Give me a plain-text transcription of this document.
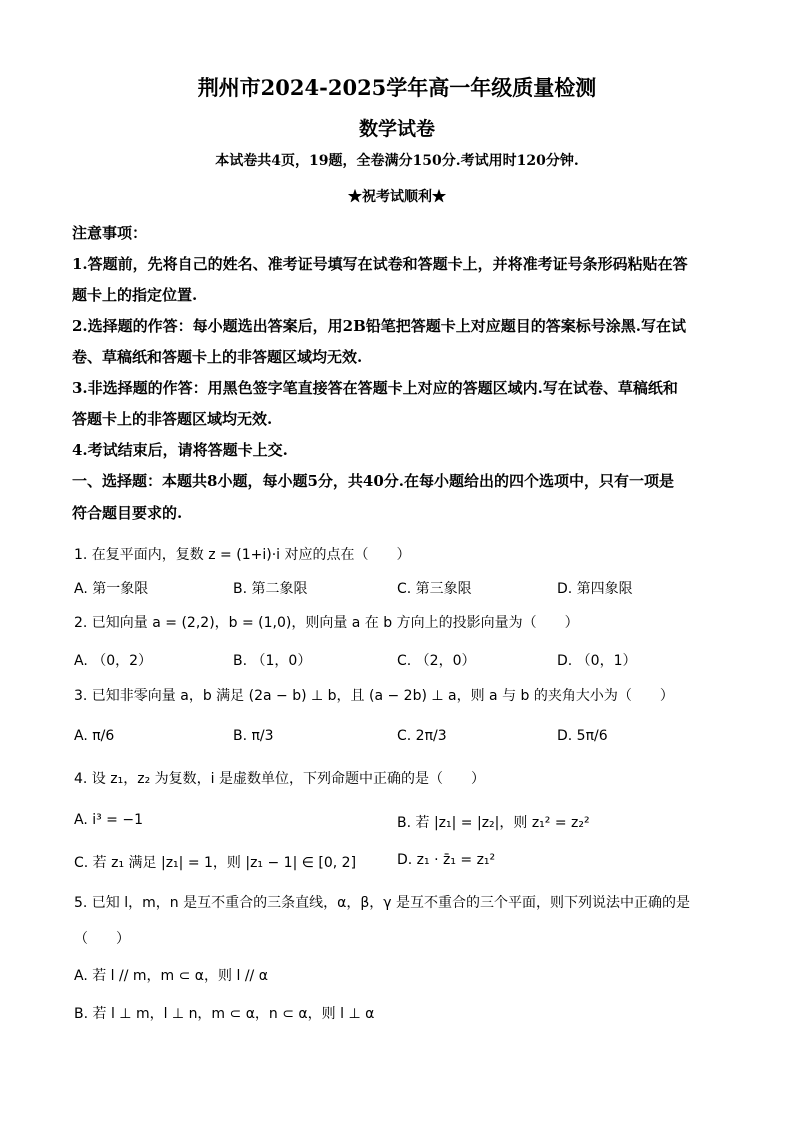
荆州市2024-2025学年高一年级质量检测
数学试卷
本试卷共4页，19题，全卷满分150分.考试用时120分钟.
★祝考试顺利★
注意事项：
1.答题前，先将自己的姓名、准考证号填写在试卷和答题卡上，并将准考证号条形码粘贴在答
题卡上的指定位置.
2.选择题的作答：每小题选出答案后，用2B铅笔把答题卡上对应题目的答案标号涂黑.写在试
卷、草稿纸和答题卡上的非答题区域均无效.
3.非选择题的作答：用黑色签字笔直接答在答题卡上对应的答题区域内.写在试卷、草稿纸和
答题卡上的非答题区域均无效.
4.考试结束后，请将答题卡上交.
一、选择题：本题共8小题，每小题5分，共40分.在每小题给出的四个选项中，只有一项是
符合题目要求的.
1. 在复平面内，复数 z = (1+i)·i 对应的点在（　　）
A. 第一象限	B. 第二象限	C. 第三象限	D. 第四象限
2. 已知向量 a = (2,2)，b = (1,0)，则向量 a 在 b 方向上的投影向量为（　　）
A. （0，2）	B. （1，0）	C. （2，0）	D. （0，1）
3. 已知非零向量 a，b 满足 (2a − b) ⊥ b，且 (a − 2b) ⊥ a，则 a 与 b 的夹角大小为（　　）
A. π/6	B. π/3	C. 2π/3	D. 5π/6
4. 设 z₁，z₂ 为复数，i 是虚数单位，下列命题中正确的是（　　）
A. i³ = −1	B. 若 |z₁| = |z₂|，则 z₁² = z₂²
C. 若 z₁ 满足 |z₁| = 1，则 |z₁ − 1| ∈ [0, 2]	D. z₁ · z̄₁ = z₁²
5. 已知 l，m，n 是互不重合的三条直线，α，β，γ 是互不重合的三个平面，则下列说法中正确的是
（　　）
A. 若 l // m，m ⊂ α，则 l // α
B. 若 l ⊥ m，l ⊥ n，m ⊂ α，n ⊂ α，则 l ⊥ α
